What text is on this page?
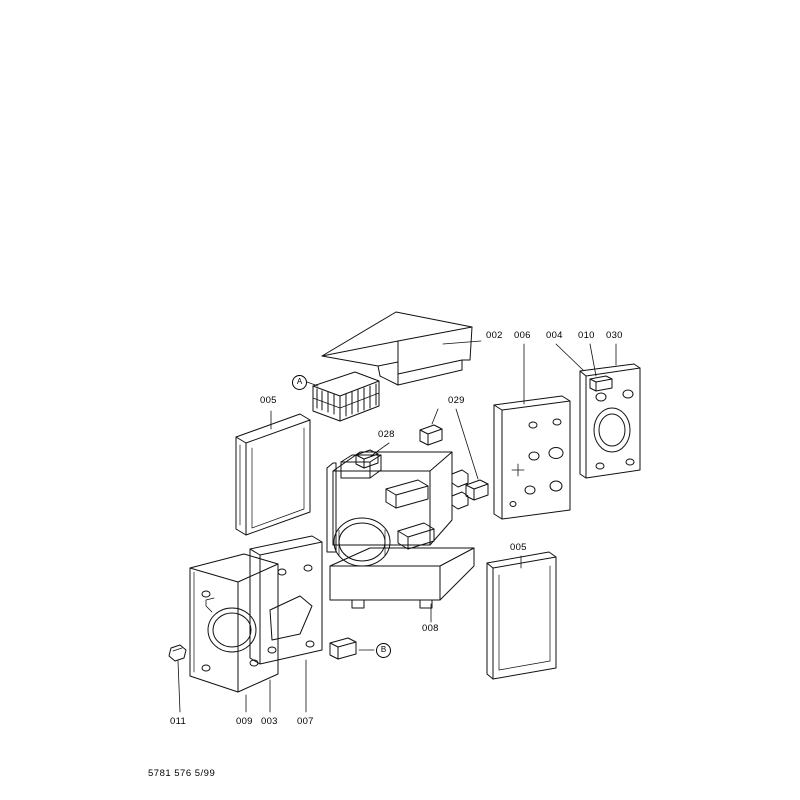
002 006 004 010 030
005	029
028
005
008
011	009 003 007
A
B
5781 576 5/99
